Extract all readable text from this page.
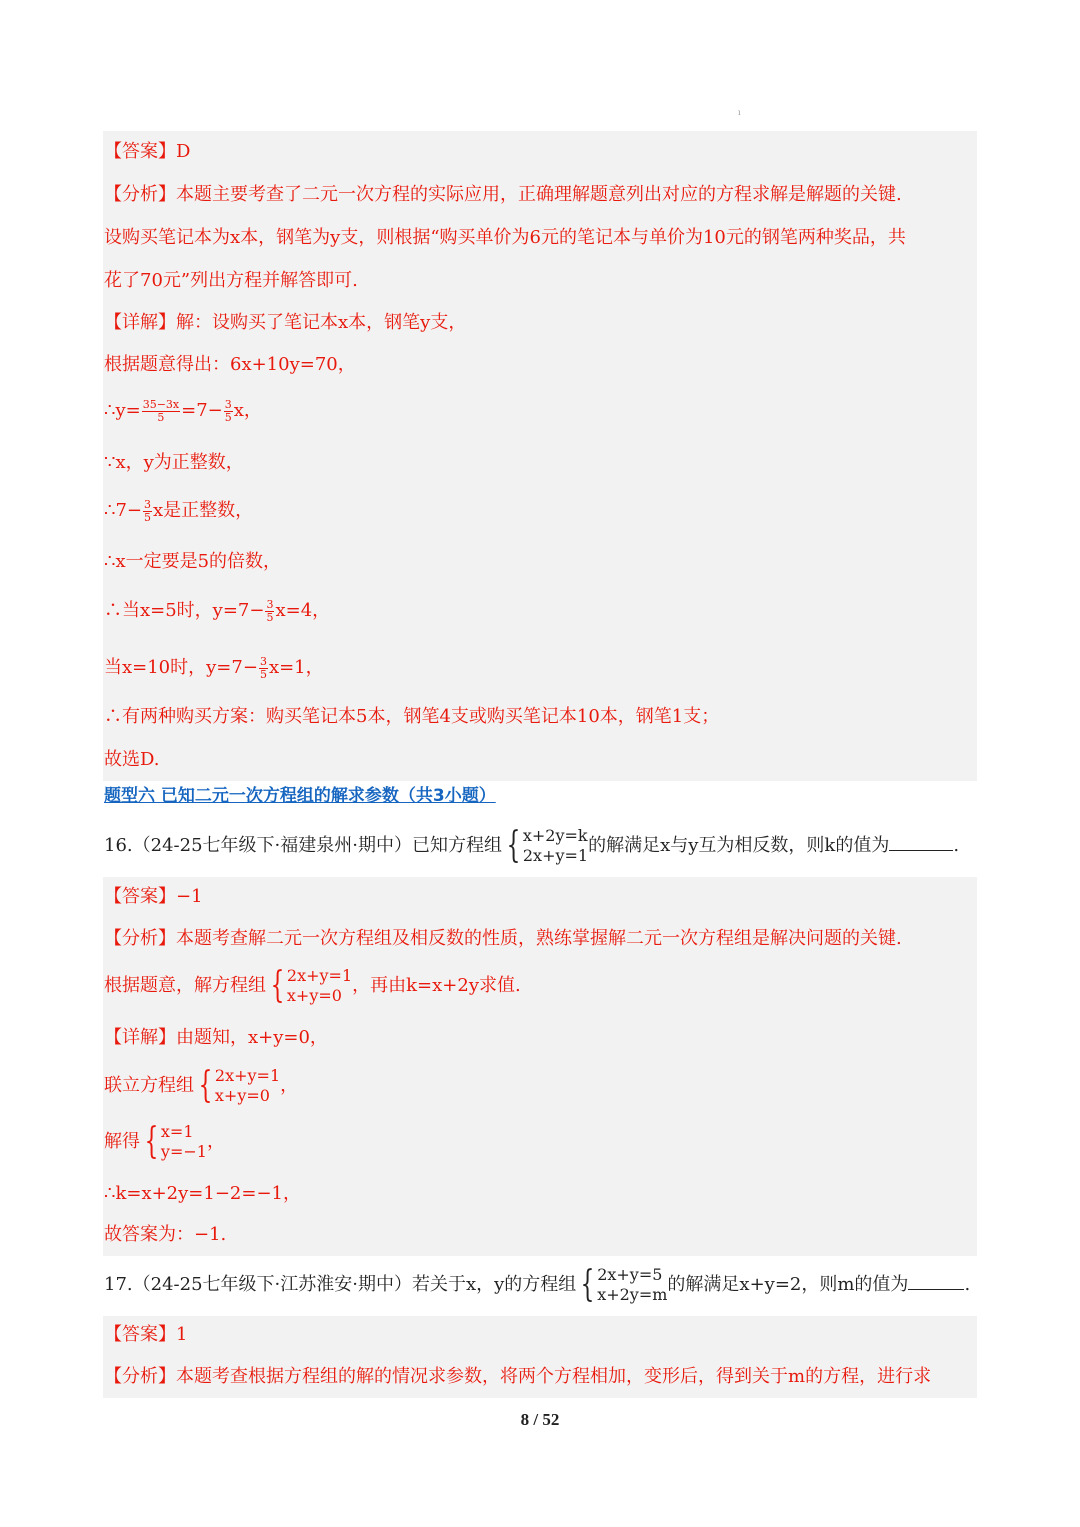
ı
【答案】D
【分析】本题主要考查了二元一次方程的实际应用，正确理解题意列出对应的方程求解是解题的关键.
设购买笔记本为x本，钢笔为y支，则根据“购买单价为6元的笔记本与单价为10元的钢笔两种奖品，共
花了70元”列出方程并解答即可.
【详解】解：设购买了笔记本x本，钢笔y支，
根据题意得出：6x+10y=70，
∴y= $\frac{35-3x}{5} =7- \frac{3}{5}$ x，
∵x，y为正整数，
∴7− $\frac{3}{5}$ x是正整数，
∴x一定要是5的倍数，
∴当x=5时，$y=7- \frac{3}{5} x=4$，
当x=10时，$y=7- \frac{3}{5} x=1$，
∴有两种购买方案：购买笔记本5本，钢笔4支或购买笔记本10本，钢笔1支；
故选D.
题型六 已知二元一次方程组的解求参数（共3小题）
16.（24-25七年级下·福建泉州·期中）已知方程组 { x+2y=k
2x+y=1 的解满足x与y互为相反数，则k的值为	.
【答案】−1
【分析】本题考查解二元一次方程组及相反数的性质，熟练掌握解二元一次方程组是解决问题的关键.
根据题意，解方程组 { 2x+y=1
x+y=0 ，再由k=x+2y求值.
【详解】由题知，x+y=0，
联立方程组 { 2x+y=1
x+y=0 ，
解得 { x=1
y=−1 ，
∴k=x+2y=1−2=−1，
故答案为：−1.
17.（24-25七年级下·江苏淮安·期中）若关于x，y的方程组 { 2x+y=5
x+2y=m 的解满足x+y=2，则m的值为	.
【答案】1
【分析】本题考查根据方程组的解的情况求参数，将两个方程相加，变形后，得到关于m的方程，进行求
8 / 52
